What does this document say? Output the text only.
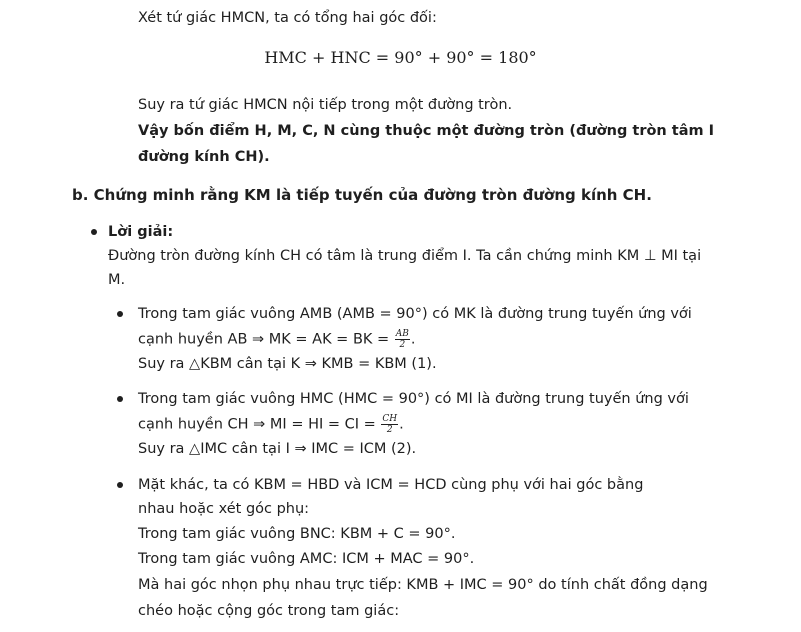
Xét tứ giác HMCN, ta có tổng hai góc đối:
HMC + HNC = 90° + 90° = 180°
Suy ra tứ giác HMCN nội tiếp trong một đường tròn.
Vậy bốn điểm H, M, C, N cùng thuộc một đường tròn (đường tròn tâm I
đường kính CH).
b. Chứng minh rằng KM là tiếp tuyến của đường tròn đường kính CH.
Lời giải:
Đường tròn đường kính CH có tâm là trung điểm I. Ta cần chứng minh KM ⊥ MI tại
M.
Trong tam giác vuông AMB (AMB = 90°) có MK là đường trung tuyến ứng với
cạnh huyền AB ⇒ MK = AK = BK = $\frac{AB}{2}$ .
Suy ra △KBM cân tại K ⇒ KMB = KBM (1).
Trong tam giác vuông HMC (HMC = 90°) có MI là đường trung tuyến ứng với
cạnh huyền CH ⇒ MI = HI = CI = $\frac{CH}{2}$ .
Suy ra △IMC cân tại I ⇒ IMC = ICM (2).
Mặt khác, ta có KBM = HBD và ICM = HCD cùng phụ với hai góc bằng
nhau hoặc xét góc phụ:
Trong tam giác vuông BNC: KBM + C = 90°.
Trong tam giác vuông AMC: ICM + MAC = 90°.
Mà hai góc nhọn phụ nhau trực tiếp: KMB + IMC = 90° do tính chất đồng dạng
chéo hoặc cộng góc trong tam giác:
